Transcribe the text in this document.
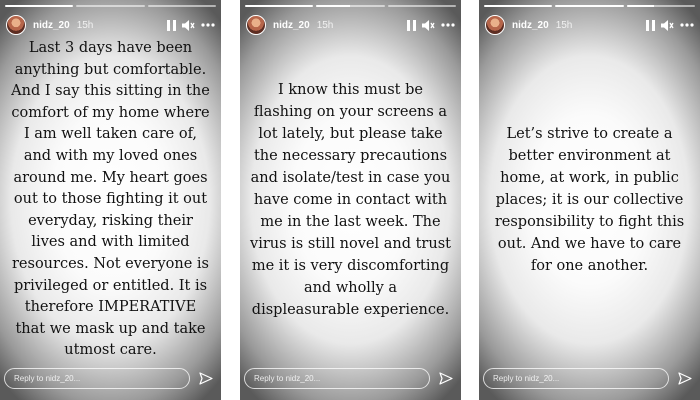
nidz_20 15h
Last 3 days have been anything but comfortable. And I say this sitting in the comfort of my home where I am well taken care of, and with my loved ones around me. My heart goes out to those fighting it out everyday, risking their lives and with limited resources. Not everyone is privileged or entitled. It is therefore IMPERATIVE that we mask up and take utmost care.
Reply to nidz_20...
nidz_20 15h
I know this must be flashing on your screens a lot lately, but please take the necessary precautions and isolate/test in case you have come in contact with me in the last week. The virus is still novel and trust me it is very discomforting and wholly a displeasurable experience.
Reply to nidz_20...
nidz_20 15h
Let’s strive to create a better environment at home, at work, in public places; it is our collective responsibility to fight this out. And we have to care for one another.
Reply to nidz_20...
